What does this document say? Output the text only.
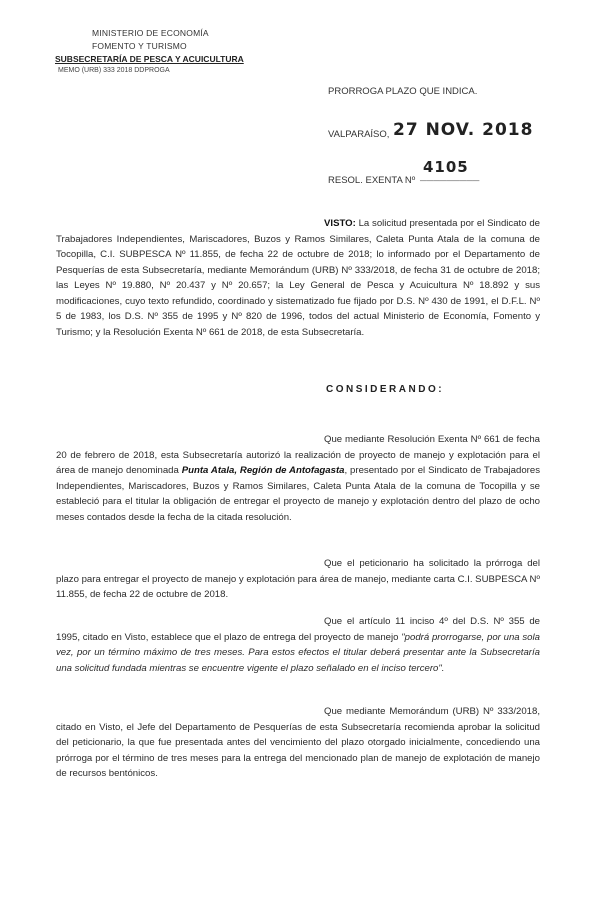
MINISTERIO DE ECONOMÍA
FOMENTO Y TURISMO
SUBSECRETARÍA DE PESCA Y ACUICULTURA
MEMO (URB) 333 2018 DDPROGA
PRORROGA PLAZO QUE INDICA.
VALPARAÍSO, 27 NOV. 2018
RESOL. EXENTA Nº
4105
_________
VISTO: La solicitud presentada por el Sindicato de Trabajadores Independientes, Mariscadores, Buzos y Ramos Similares, Caleta Punta Atala de la comuna de Tocopilla, C.I. SUBPESCA Nº 11.855, de fecha 22 de octubre de 2018; lo informado por el Departamento de Pesquerías de esta Subsecretaría, mediante Memorándum (URB) Nº 333/2018, de fecha 31 de octubre de 2018; las Leyes Nº 19.880, Nº 20.437 y Nº 20.657; la Ley General de Pesca y Acuicultura Nº 18.892 y sus modificaciones, cuyo texto refundido, coordinado y sistematizado fue fijado por D.S. Nº 430 de 1991, el D.F.L. Nº 5 de 1983, los D.S. Nº 355 de 1995 y Nº 820 de 1996, todos del actual Ministerio de Economía, Fomento y Turismo; y la Resolución Exenta Nº 661 de 2018, de esta Subsecretaría.
CONSIDERANDO:
Que mediante Resolución Exenta Nº 661 de fecha 20 de febrero de 2018, esta Subsecretaría autorizó la realización de proyecto de manejo y explotación para el área de manejo denominada Punta Atala, Región de Antofagasta, presentado por el Sindicato de Trabajadores Independientes, Mariscadores, Buzos y Ramos Similares, Caleta Punta Atala de la comuna de Tocopilla y se estableció para el titular la obligación de entregar el proyecto de manejo y explotación dentro del plazo de ocho meses contados desde la fecha de la citada resolución.
Que el peticionario ha solicitado la prórroga del plazo para entregar el proyecto de manejo y explotación para área de manejo, mediante carta C.I. SUBPESCA Nº 11.855, de fecha 22 de octubre de 2018.
Que el artículo 11 inciso 4º del D.S. Nº 355 de 1995, citado en Visto, establece que el plazo de entrega del proyecto de manejo "podrá prorrogarse, por una sola vez, por un término máximo de tres meses. Para estos efectos el titular deberá presentar ante la Subsecretaría una solicitud fundada mientras se encuentre vigente el plazo señalado en el inciso tercero".
Que mediante Memorándum (URB) Nº 333/2018, citado en Visto, el Jefe del Departamento de Pesquerías de esta Subsecretaría recomienda aprobar la solicitud del peticionario, la que fue presentada antes del vencimiento del plazo otorgado inicialmente, concediendo una prórroga por el término de tres meses para la entrega del mencionado plan de manejo de explotación de manejo de recursos bentónicos.
